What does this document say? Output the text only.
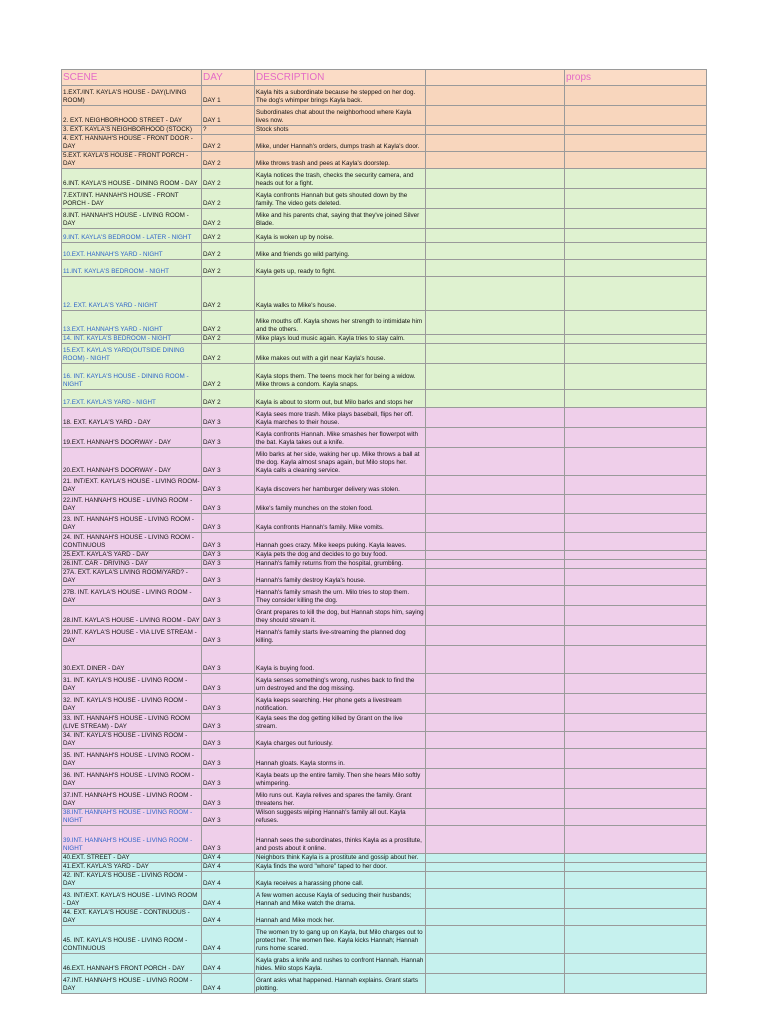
SCENE	DAY	DESCRIPTION		props
1.EXT./INT. KAYLA'S HOUSE - DAY(LIVING ROOM)	DAY 1	Kayla hits a subordinate because he stepped on her dog. The dog's whimper brings Kayla back.		
2. EXT. NEIGHBORHOOD STREET - DAY	DAY 1	Subordinates chat about the neighborhood where Kayla lives now.		
3. EXT. KAYLA'S NEIGHBORHOOD (STOCK)	?	Stock shots		
4. EXT. HANNAH'S HOUSE - FRONT DOOR - DAY	DAY 2	Mike, under Hannah's orders, dumps trash at Kayla's door.		
5.EXT. KAYLA'S HOUSE - FRONT PORCH - DAY	DAY 2	Mike throws trash and pees at Kayla's doorstep.		
6.INT. KAYLA'S HOUSE - DINING ROOM - DAY	DAY 2	Kayla notices the trash, checks the security camera, and heads out for a fight.		
7.EXT/INT. HANNAH'S HOUSE - FRONT PORCH - DAY	DAY 2	Kayla confronts Hannah but gets shouted down by the family. The video gets deleted.		
8.INT. HANNAH'S HOUSE - LIVING ROOM - DAY	DAY 2	Mike and his parents chat, saying that they've joined Silver Blade.		
9.INT. KAYLA'S BEDROOM - LATER - NIGHT	DAY 2	Kayla is woken up by noise.		
10.EXT. HANNAH'S YARD - NIGHT	DAY 2	Mike and friends go wild partying.		
11.INT. KAYLA'S BEDROOM - NIGHT	DAY 2	Kayla gets up, ready to fight.		
12. EXT. KAYLA'S YARD - NIGHT	DAY 2	Kayla walks to Mike's house.		
13.EXT. HANNAH'S YARD - NIGHT	DAY 2	Mike mouths off. Kayla shows her strength to intimidate him and the others.		
14. INT. KAYLA'S BEDROOM - NIGHT	DAY 2	Mike plays loud music again. Kayla tries to stay calm.		
15.EXT. KAYLA'S YARD(OUTSIDE DINING ROOM) - NIGHT	DAY 2	Mike makes out with a girl near Kayla's house.		
16. INT. KAYLA'S HOUSE - DINING ROOM - NIGHT	DAY 2	Kayla stops them. The teens mock her for being a widow. Mike throws a condom. Kayla snaps.		
17.EXT. KAYLA'S YARD - NIGHT	DAY 2	Kayla is about to storm out, but Milo barks and stops her		
18. EXT. KAYLA'S YARD - DAY	DAY 3	Kayla sees more trash. Mike plays baseball, flips her off. Kayla marches to their house.		
19.EXT. HANNAH'S DOORWAY - DAY	DAY 3	Kayla confronts Hannah. Mike smashes her flowerpot with the bat. Kayla takes out a knife.		
20.EXT. HANNAH'S DOORWAY - DAY	DAY 3	Milo barks at her side, waking her up. Mike throws a ball at the dog. Kayla almost snaps again, but Milo stops her. Kayla calls a cleaning service.		
21. INT/EXT. KAYLA'S HOUSE - LIVING ROOM- DAY	DAY 3	Kayla discovers her hamburger delivery was stolen.		
22.INT. HANNAH'S HOUSE - LIVING ROOM - DAY	DAY 3	Mike's family munches on the stolen food.		
23. INT. HANNAH'S HOUSE - LIVING ROOM - DAY	DAY 3	Kayla confronts Hannah's family. Mike vomits.		
24. INT. HANNAH'S HOUSE - LIVING ROOM - CONTINUOUS	DAY 3	Hannah goes crazy. Mike keeps puking. Kayla leaves.		
25.EXT. KAYLA'S YARD - DAY	DAY 3	Kayla pets the dog and decides to go buy food.		
26.INT. CAR - DRIVING - DAY	DAY 3	Hannah's family returns from the hospital, grumbling.		
27A. EXT. KAYLA'S LIVING ROOM/YARD? - DAY	DAY 3	Hannah's family destroy Kayla's house.		
27B. INT. KAYLA'S HOUSE - LIVING ROOM - DAY	DAY 3	Hannah's family smash the urn. Milo tries to stop them. They consider killing the dog.		
28.INT. KAYLA'S HOUSE - LIVING ROOM - DAY	DAY 3	Grant prepares to kill the dog, but Hannah stops him, saying they should stream it.		
29.INT. KAYLA'S HOUSE - VIA LIVE STREAM - DAY	DAY 3	Hannah's family starts live-streaming the planned dog killing.		
30.EXT. DINER - DAY	DAY 3	Kayla is buying food.		
31. INT. KAYLA'S HOUSE - LIVING ROOM - DAY	DAY 3	Kayla senses something's wrong, rushes back to find the urn destroyed and the dog missing.		
32. INT. KAYLA'S HOUSE - LIVING ROOM - DAY	DAY 3	Kayla keeps searching. Her phone gets a livestream notification.		
33. INT. HANNAH'S HOUSE - LIVING ROOM (LIVE STREAM) - DAY	DAY 3	Kayla sees the dog getting killed by Grant on the live stream.		
34. INT. KAYLA'S HOUSE - LIVING ROOM - DAY	DAY 3	Kayla charges out furiously.		
35. INT. HANNAH'S HOUSE - LIVING ROOM - DAY	DAY 3	Hannah gloats. Kayla storms in.		
36. INT. HANNAH'S HOUSE - LIVING ROOM - DAY	DAY 3	Kayla beats up the entire family. Then she hears Milo softly whimpering.		
37.INT. HANNAH'S HOUSE - LIVING ROOM -DAY	DAY 3	Milo runs out. Kayla relives and spares the family. Grant threatens her.		
38.INT. HANNAH'S HOUSE - LIVING ROOM - NIGHT	DAY 3	Wilson suggests wiping Hannah's family all out. Kayla refuses.		
39.INT. HANNAH'S HOUSE - LIVING ROOM - NIGHT	DAY 3	Hannah sees the subordinates, thinks Kayla as a prostitute, and posts about it online.		
40.EXT. STREET - DAY	DAY 4	Neighbors think Kayla is a prostitute and gossip about her.		
41.EXT. KAYLA'S YARD - DAY	DAY 4	Kayla finds the word "whore" taped to her door.		
42. INT. KAYLA'S HOUSE - LIVING ROOM - DAY	DAY 4	Kayla receives a harassing phone call.		
43. INT/EXT. KAYLA'S HOUSE - LIVING ROOM - DAY	DAY 4	A few women accuse Kayla of seducing their husbands; Hannah and Mike watch the drama.		
44. EXT. KAYLA'S HOUSE - CONTINUOUS - DAY	DAY 4	Hannah and Mike mock her.		
45. INT. KAYLA'S HOUSE - LIVING ROOM - CONTINUOUS	DAY 4	The women try to gang up on Kayla, but Milo charges out to protect her. The women flee. Kayla kicks Hannah; Hannah runs home scared.		
46.EXT. HANNAH'S FRONT PORCH - DAY	DAY 4	Kayla grabs a knife and rushes to confront Hannah. Hannah hides. Milo stops Kayla.		
47.INT. HANNAH'S HOUSE - LIVING ROOM - DAY	DAY 4	Grant asks what happened. Hannah explains. Grant starts plotting.		
